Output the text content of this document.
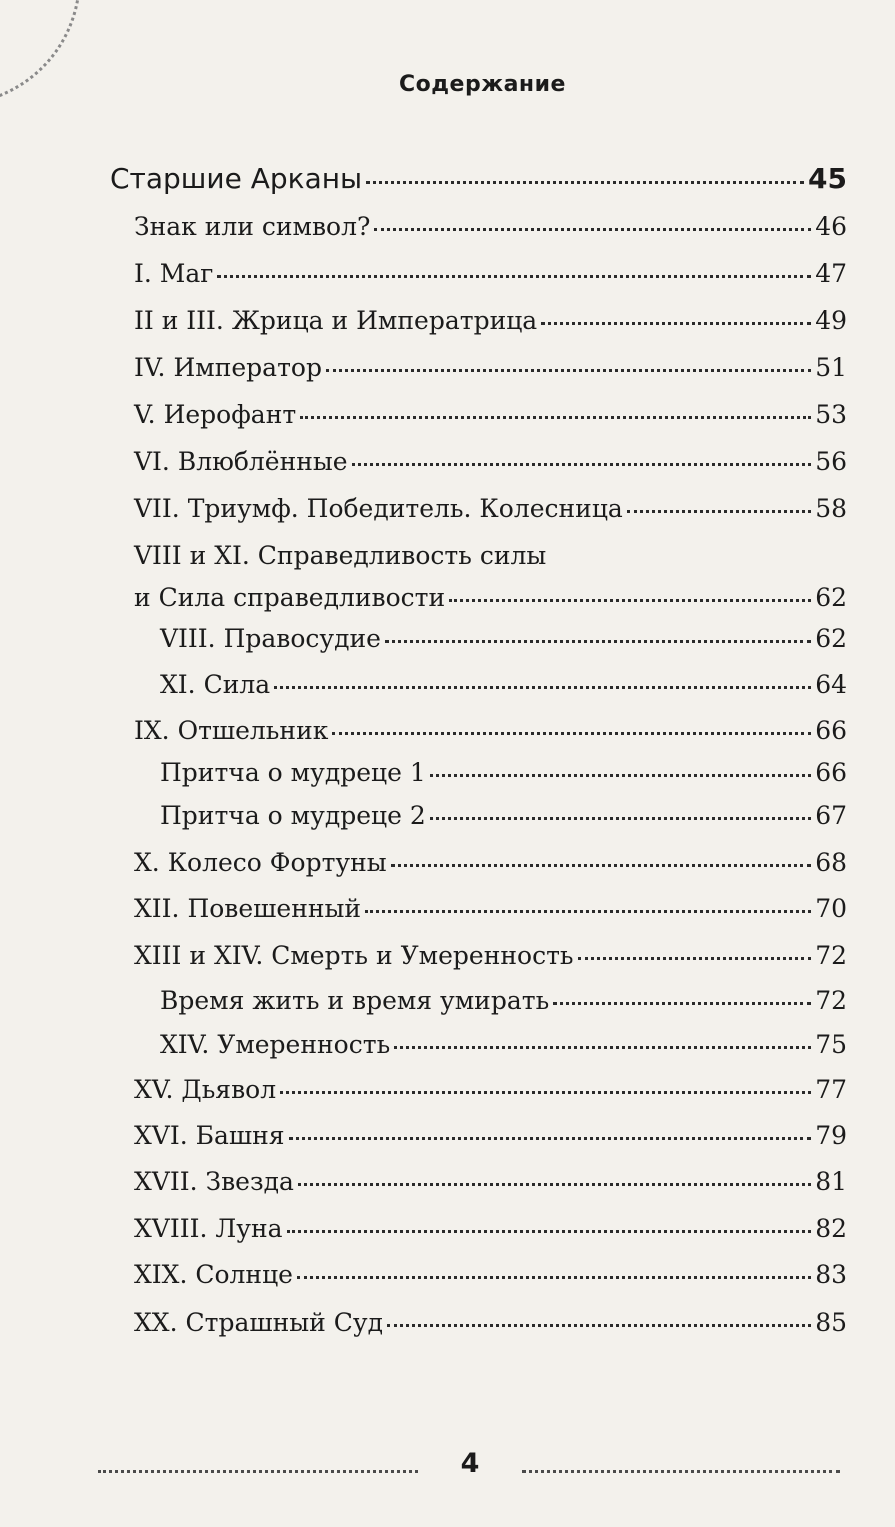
Содержание
Старшие Арканы	45
Знак или символ?	46
I. Маг	47
II и III. Жрица и Императрица	49
IV. Император	51
V. Иерофант	53
VI. Влюблённые	56
VII. Триумф. Победитель. Колесница	58
VIII и XI. Справедливость силы
и Сила справедливости	62
VIII. Правосудие	62
XI. Сила	64
IX. Отшельник	66
Притча о мудреце 1	66
Притча о мудреце 2	67
X. Колесо Фортуны	68
XII. Повешенный	70
XIII и XIV. Смерть и Умеренность	72
Время жить и время умирать	72
XIV. Умеренность	75
XV. Дьявол	77
XVI. Башня	79
XVII. Звезда	81
XVIII. Луна	82
XIX. Солнце	83
XX. Страшный Суд	85
4
